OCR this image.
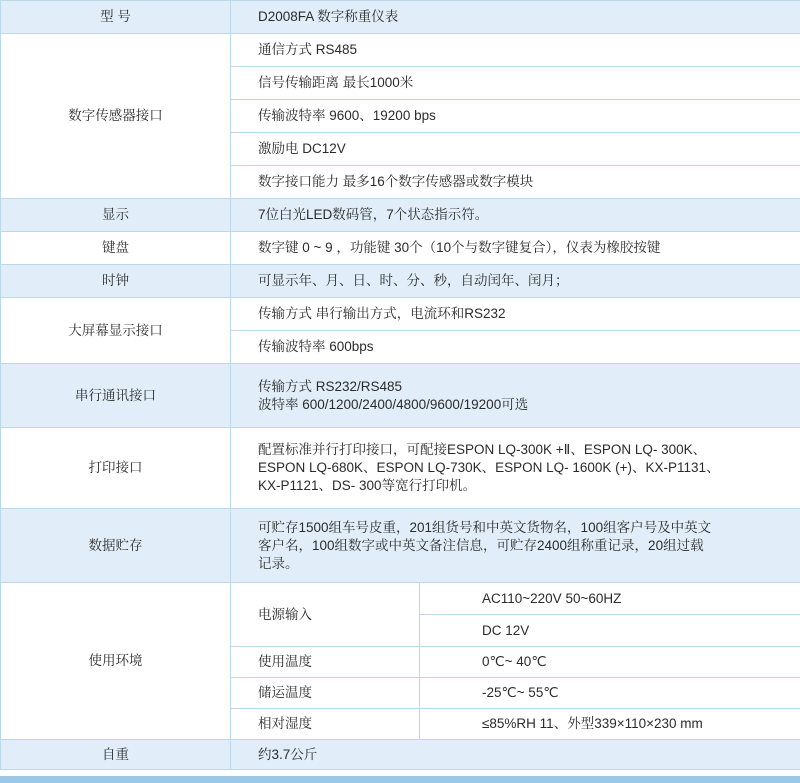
型 号	D2008FA 数字称重仪表	
数字传感器接口	通信方式 RS485	
	信号传输距离 最长1000米	
	传输波特率 9600、19200 bps	
	激励电 DC12V	
	数字接口能力 最多16个数字传感器或数字模块	
显示	7位白光LED数码管，7个状态指示符。	
键盘	数字键 0 ~ 9 ，功能键 30个（10个与数字键复合），仪表为橡胶按键	
时钟	可显示年、月、日、时、分、秒，自动闰年、闰月；	
大屏幕显示接口	传输方式 串行输出方式，电流环和RS232	
	传输波特率 600bps	
串行通讯接口	传输方式 RS232/RS485
波特率 600/1200/2400/4800/9600/19200可选	

打印接口	配置标准并行打印接口，可配接ESPON LQ-300K +Ⅱ、ESPON LQ- 300K、
ESPON LQ-680K、ESPON LQ-730K、ESPON LQ- 1600K (+)、KX-P1131、
KX-P1121、DS- 300等宽行打印机。	

数据贮存	可贮存1500组车号皮重，201组货号和中英文货物名，100组客户号及中英文
客户名，100组数字或中英文备注信息，可贮存2400组称重记录，20组过载
记录。	

使用环境	电源输入	AC110~220V 50~60HZ
		DC 12V
	使用温度	0℃~ 40℃
	储运温度	-25℃~ 55℃
	相对湿度	≤85%RH 11、外型339×110×230 mm
自重	约3.7公斤	
